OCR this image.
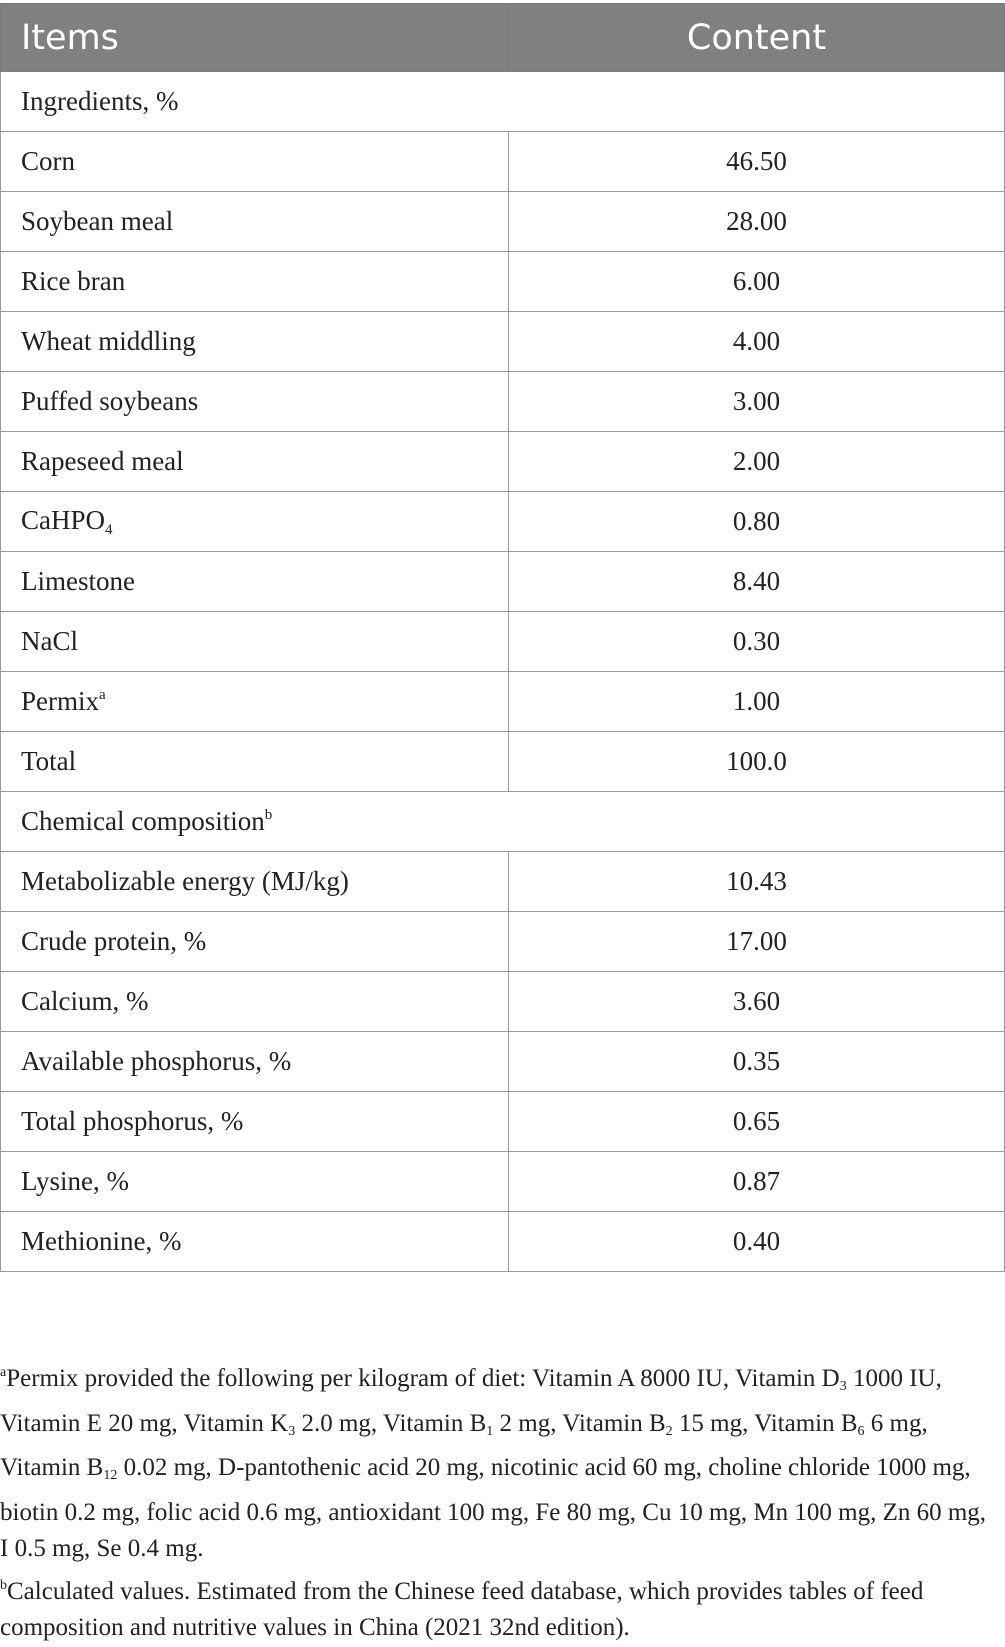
Items	Content
Ingredients, %	
Corn	46.50
Soybean meal	28.00
Rice bran	6.00
Wheat middling	4.00
Puffed soybeans	3.00
Rapeseed meal	2.00
CaHPO$_4$	0.80
Limestone	8.40
NaCl	0.30
Permix$^a$	1.00
Total	100.0
Chemical composition$^b$
Metabolizable energy (MJ/kg)	10.43
Crude protein, %	17.00
Calcium, %	3.60
Available phosphorus, %	0.35
Total phosphorus, %	0.65
Lysine, %	0.87
Methionine, %	0.40

$^a$Permix provided the following per kilogram of diet: Vitamin A 8000 IU, Vitamin $D_3$ 1000 IU, Vitamin E 20 mg, Vitamin $K_3$ 2.0 mg, Vitamin $B_1$ 2 mg, Vitamin $B_2$ 15 mg, Vitamin $B_6$ 6 mg, Vitamin $B_{12}$ 0.02 mg, D-pantothenic acid 20 mg, nicotinic acid 60 mg, choline chloride 1000 mg, biotin 0.2 mg, folic acid 0.6 mg, antioxidant 100 mg, Fe 80 mg, Cu 10 mg, Mn 100 mg, Zn 60 mg, I 0.5 mg, Se 0.4 mg.

$^b$Calculated values. Estimated from the Chinese feed database, which provides tables of feed composition and nutritive values in China (2021 32nd edition).
